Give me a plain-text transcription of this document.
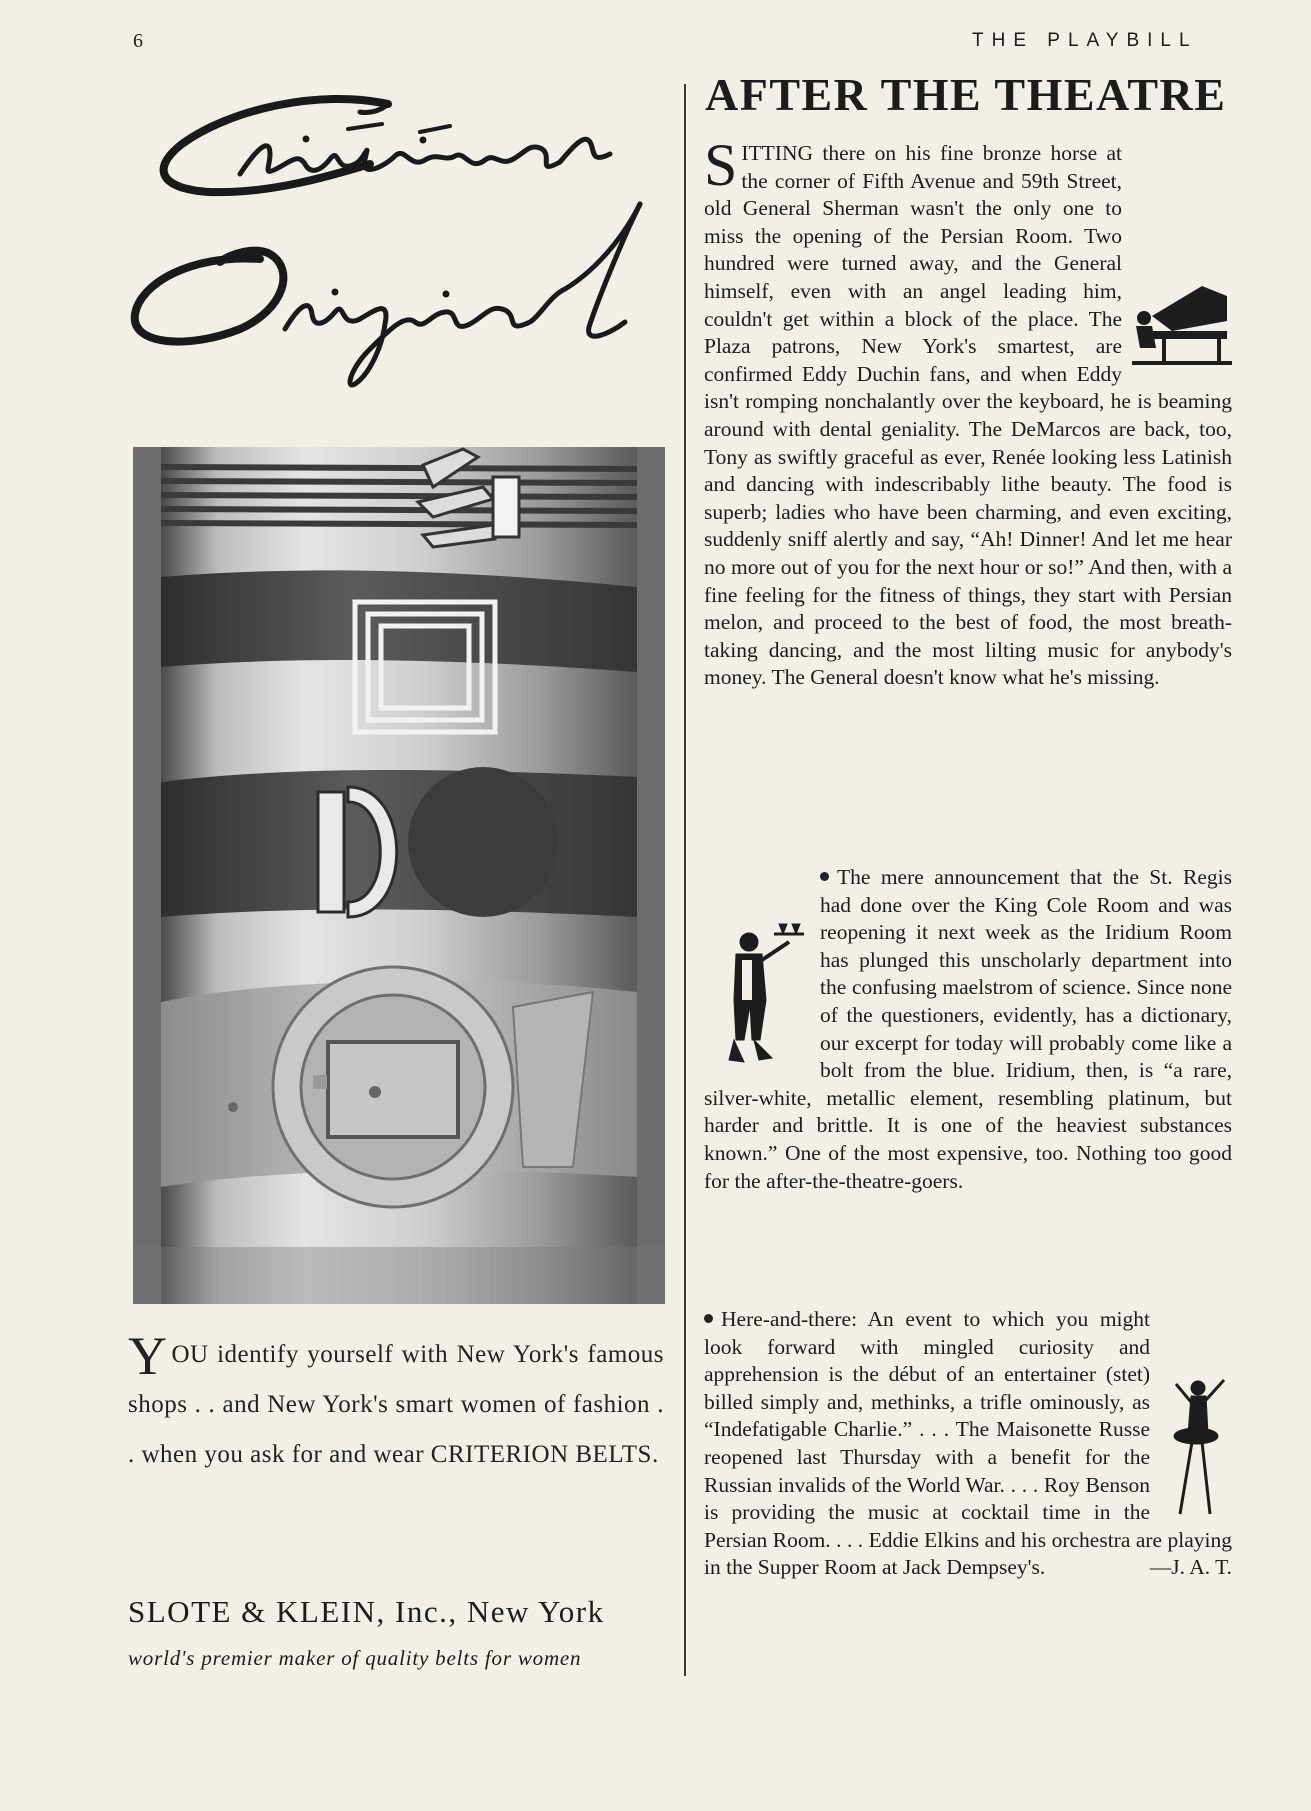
6	THE PLAYBILL
YOU identify yourself with New York's famous shops . . and New York's smart women of fashion . . when you ask for and wear CRITERION BELTS.
SLOTE & KLEIN, Inc., New York
world's premier maker of quality belts for women
AFTER THE THEATRE

SITTING there on his fine bronze horse at the corner of Fifth Avenue and 59th Street, old General Sherman wasn't the only one to miss the opening of the Persian Room. Two hundred were turned away, and the General himself, even with an angel leading him, couldn't get within a block of the place. The Plaza patrons, New York's smartest, are confirmed Eddy Duchin fans, and when Eddy isn't romping nonchalantly over the keyboard, he is beaming around with dental geniality. The DeMarcos are back, too, Tony as swiftly graceful as ever, Renée looking less Latinish and dancing with indescribably lithe beauty. The food is superb; ladies who have been charming, and even exciting, suddenly sniff alertly and say, “Ah! Dinner! And let me hear no more out of you for the next hour or so!” And then, with a fine feeling for the fitness of things, they start with Persian melon, and proceed to the best of food, the most breath-taking dancing, and the most lilting music for anybody's money. The General doesn't know what he's missing.

The mere announcement that the St. Regis had done over the King Cole Room and was reopening it next week as the Iridium Room has plunged this unscholarly department into the confusing maelstrom of science. Since none of the questioners, evidently, has a dictionary, our excerpt for today will probably come like a bolt from the blue. Iridium, then, is “a rare, silver-white, metallic element, resembling platinum, but harder and brittle. It is one of the heaviest substances known.” One of the most expensive, too. Nothing too good for the after-the-theatre-goers.

Here-and-there: An event to which you might look forward with mingled curiosity and apprehension is the début of an entertainer (stet) billed simply and, methinks, a trifle ominously, as “Indefatigable Charlie.” . . . The Maisonette Russe reopened last Thursday with a benefit for the Russian invalids of the World War. . . . Roy Benson is providing the music at cocktail time in the Persian Room. . . . Eddie Elkins and his orchestra are playing in the Supper Room at Jack Dempsey's.	—J. A. T.
